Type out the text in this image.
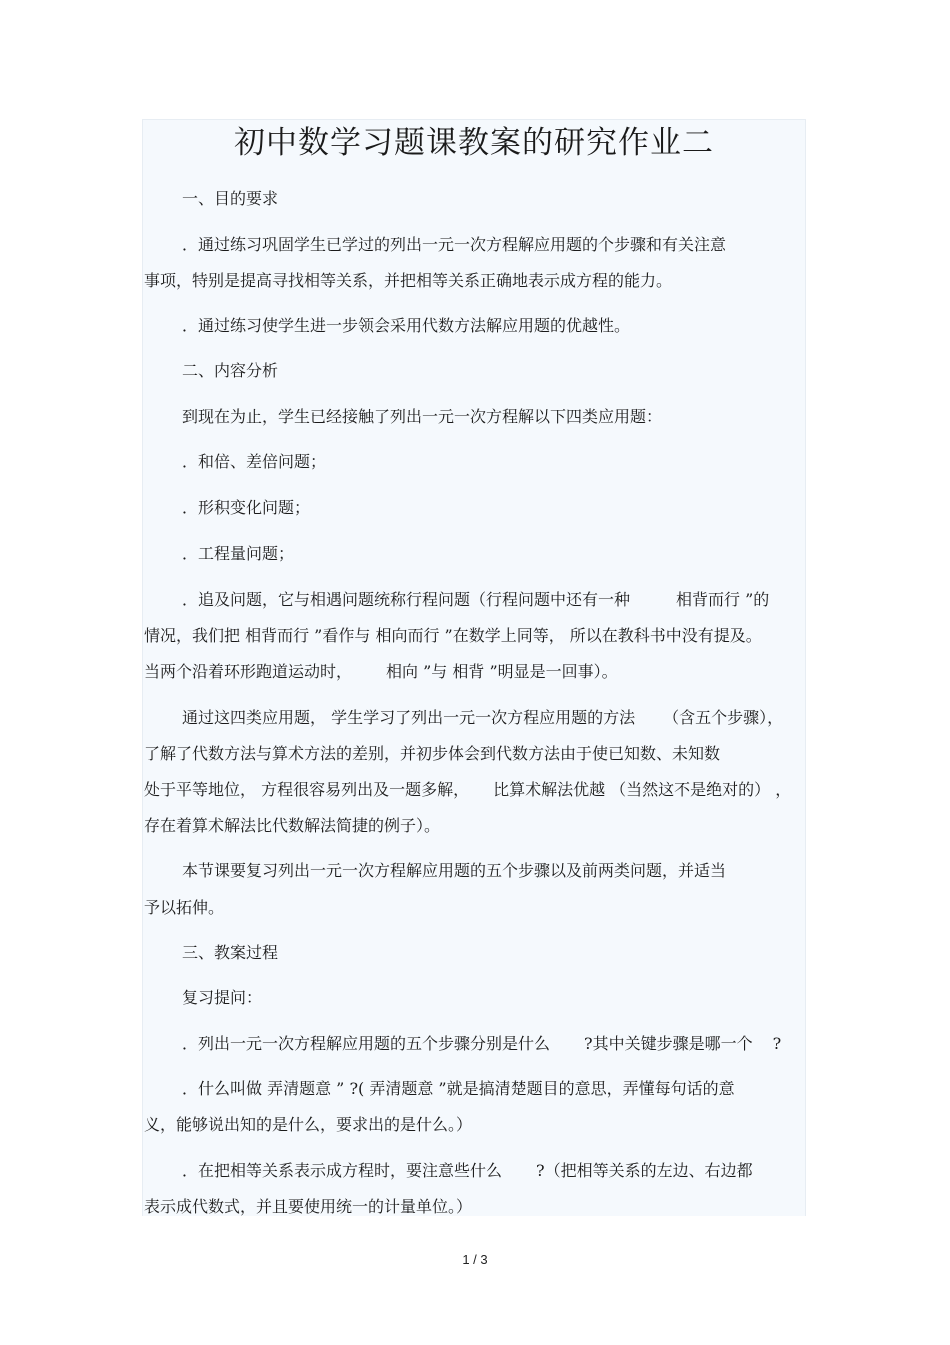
初中数学习题课教案的研究作业二
一、目的要求
．通过练习巩固学生已学过的列出一元一次方程解应用题的个步骤和有关注意
事项，特别是提高寻找相等关系，并把相等关系正确地表示成方程的能力。
．通过练习使学生进一步领会采用代数方法解应用题的优越性。
二、内容分析
到现在为止，学生已经接触了列出一元一次方程解以下四类应用题：
．和倍、差倍问题；
．形积变化问题；
．工程量问题；
．追及问题，它与相遇问题统称行程问题（行程问题中还有一种	相背而行 ”的
情况，我们把 相背而行 ”看作与 相向而行 ”在数学上同等， 所以在教科书中没有提及。
当两个沿着环形跑道运动时， 相向 ”与 相背 ”明显是一回事）。
通过这四类应用题， 学生学习了列出一元一次方程应用题的方法 （含五个步骤），
了解了代数方法与算术方法的差别，并初步体会到代数方法由于使已知数、未知数
处于平等地位， 方程很容易列出及一题多解， 比算术解法优越 （当然这不是绝对的） ，
存在着算术解法比代数解法简捷的例子）。
本节课要复习列出一元一次方程解应用题的五个步骤以及前两类问题，并适当
予以拓伸。
三、教案过程
复习提问：
．列出一元一次方程解应用题的五个步骤分别是什么 ?其中关键步骤是哪一个 ?
．什么叫做 弄清题意 ” ?( 弄清题意 ”就是搞清楚题目的意思，弄懂每句话的意
义，能够说出知的是什么，要求出的是什么。）
．在把相等关系表示成方程时，要注意些什么 ?（把相等关系的左边、右边都
表示成代数式，并且要使用统一的计量单位。）
1 / 3
